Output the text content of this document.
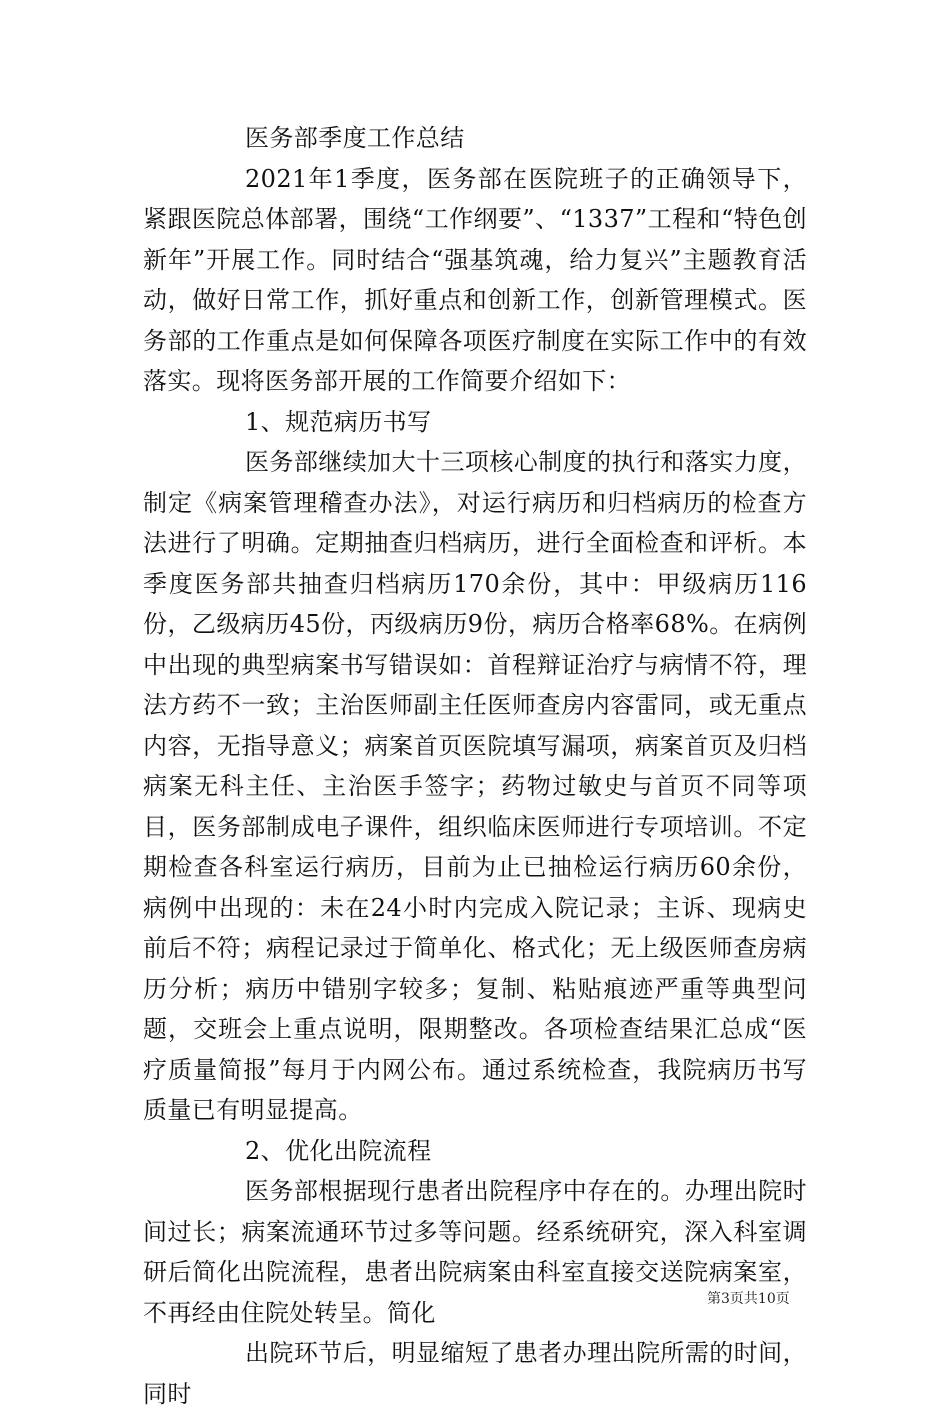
医务部季度工作总结

2021年1季度，医务部在医院班子的正确领导下，紧跟医院总体部署，围绕“工作纲要”、“1337”工程和“特色创新年”开展工作。同时结合“强基筑魂，给力复兴”主题教育活动，做好日常工作，抓好重点和创新工作，创新管理模式。医务部的工作重点是如何保障各项医疗制度在实际工作中的有效落实。现将医务部开展的工作简要介绍如下：

1、规范病历书写

医务部继续加大十三项核心制度的执行和落实力度，制定《病案管理稽查办法》，对运行病历和归档病历的检查方法进行了明确。定期抽查归档病历，进行全面检查和评析。本季度医务部共抽查归档病历170余份，其中：甲级病历116份，乙级病历45份，丙级病历9份，病历合格率68%。在病例中出现的典型病案书写错误如：首程辩证治疗与病情不符，理法方药不一致；主治医师副主任医师查房内容雷同，或无重点内容，无指导意义；病案首页医院填写漏项，病案首页及归档病案无科主任、主治医手签字；药物过敏史与首页不同等项目，医务部制成电子课件，组织临床医师进行专项培训。不定期检查各科室运行病历，目前为止已抽检运行病历60余份，病例中出现的：未在24小时内完成入院记录；主诉、现病史前后不符；病程记录过于简单化、格式化；无上级医师查房病历分析；病历中错别字较多；复制、粘贴痕迹严重等典型问题，交班会上重点说明，限期整改。各项检查结果汇总成“医疗质量简报”每月于内网公布。通过系统检查，我院病历书写质量已有明显提高。

2、优化出院流程

医务部根据现行患者出院程序中存在的。办理出院时间过长；病案流通环节过多等问题。经系统研究，深入科室调研后简化出院流程，患者出院病案由科室直接交送院病案室，不再经由住院处转呈。简化

出院环节后，明显缩短了患者办理出院所需的时间，同时

第3页共10页
